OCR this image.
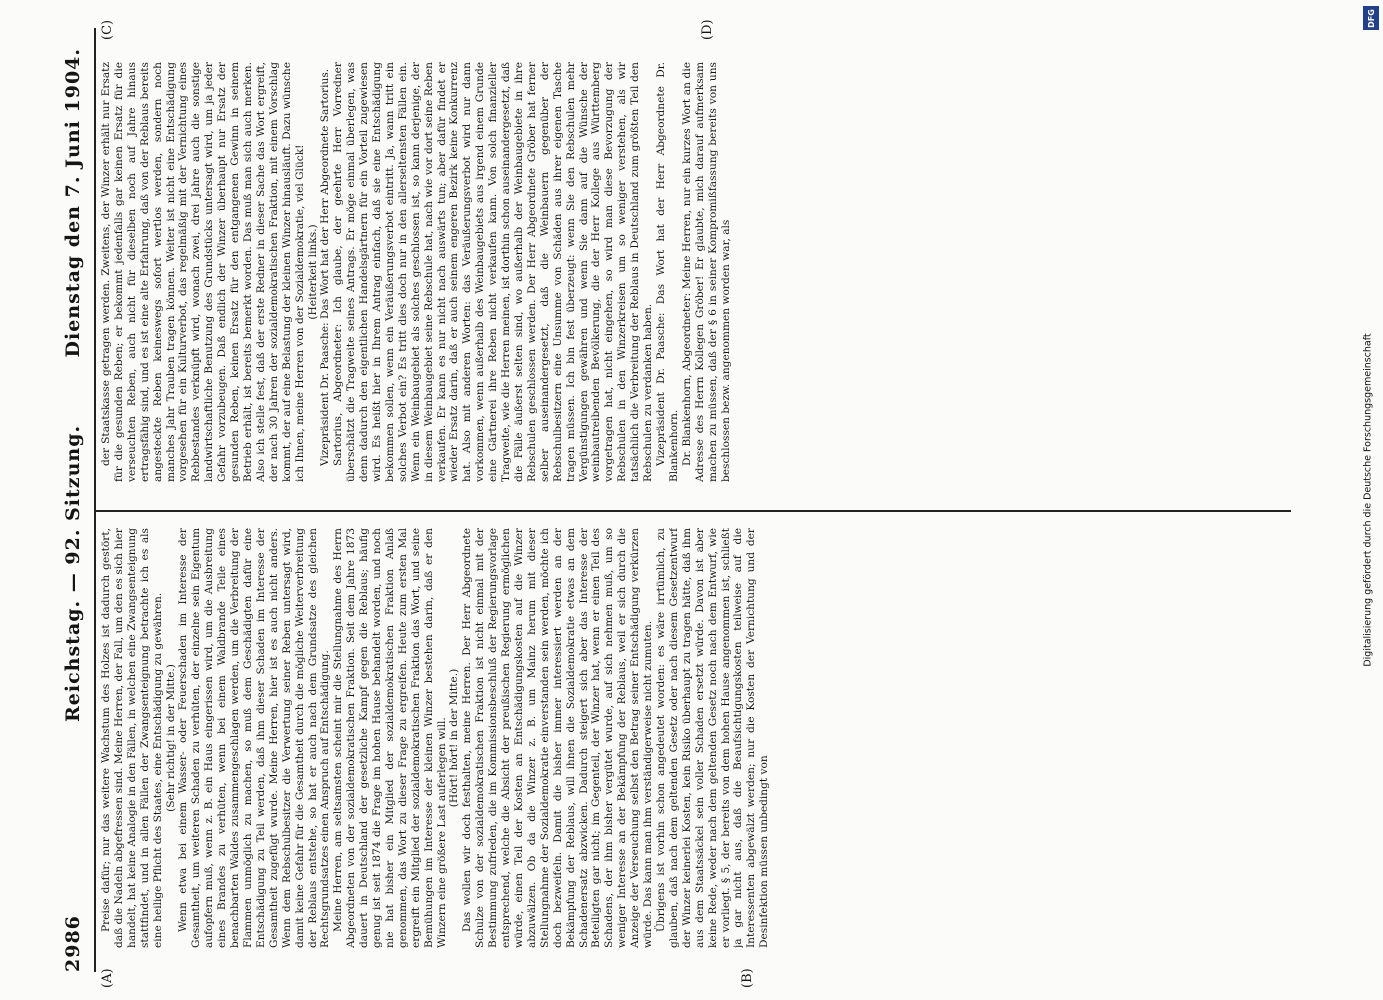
2986
Reichstag. — 92. Sitzung.
Dienstag den 7. Juni 1904.
(A)	(B)
(C)	(D)

Preise dafür; nur das weitere Wachstum des Holzes ist dadurch gestört, daß die Nadeln abgefressen sind. Meine Herren, der Fall, um den es sich hier handelt, hat keine Analogie in den Fällen, in welchen eine Zwangsenteignung stattfindet, und in allen Fällen der Zwangsenteignung betrachte ich es als eine heilige Pflicht des Staates, eine Entschädigung zu gewähren. (Sehr richtig! in der Mitte.) Wenn etwa bei einem Wasser- oder Feuerschaden im Interesse der Gesamtheit, um weiteren Schaden zu verhüten, der einzelne sein Eigentum aufopfern muß, wenn z. B. ein Haus eingerissen wird, um die Ausbreitung eines Brandes zu verhüten, wenn bei einem Waldbrande Teile eines benachbarten Waldes zusammengeschlagen werden, um die Verbreitung der Flammen unmöglich zu machen, so muß dem Geschädigten dafür eine Entschädigung zu Teil werden, daß ihm dieser Schaden im Interesse der Gesamtheit zugefügt wurde. Meine Herren, hier ist es auch nicht anders. Wenn dem Rebschulbesitzer die Verwertung seiner Reben untersagt wird, damit keine Gefahr für die Gesamtheit durch die mögliche Weiterverbreitung der Reblaus entstehe, so hat er auch nach dem Grundsatze des gleichen Rechtsgrundsatzes einen Anspruch auf Entschädigung. Meine Herren, am seltsamsten scheint mir die Stellungnahme des Herrn Abgeordneten von der sozialdemokratischen Fraktion. Seit dem Jahre 1873 dauert in Deutschland der gesetzliche Kampf gegen die Reblaus; häufig genug ist seit 1874 die Frage im hohen Hause behandelt worden, und noch nie hat bisher ein Mitglied der sozialdemokratischen Fraktion Anlaß genommen, das Wort zu dieser Frage zu ergreifen. Heute zum ersten Mal ergreift ein Mitglied der sozialdemokratischen Fraktion das Wort, und seine Bemühungen im Interesse der kleinen Winzer bestehen darin, daß er den Winzern eine größere Last auferlegen will. (Hört! hört! in der Mitte.) Das wollen wir doch festhalten, meine Herren. Der Herr Abgeordnete Schulze von der sozialdemokratischen Fraktion ist nicht einmal mit der Bestimmung zufrieden, die im Kommissionsbeschluß der Regierungsvorlage entsprechend, welche die Absicht der preußischen Regierung ermöglichen würde, einen Teil der Kosten an Entschädigungskosten auf die Winzer abzuwälzen. Ob da die Winzer z. B. um Mainz herum mit dieser Stellungnahme der Sozialdemokratie einverstanden sein werden, möchte ich doch bezweifeln. Damit die bisher immer interessiert werden an der Bekämpfung der Reblaus, will ihnen die Sozialdemokratie etwas an dem Schadenersatz abzwicken. Dadurch steigert sich aber das Interesse der Beteiligten gar nicht; im Gegenteil, der Winzer hat, wenn er einen Teil des Schadens, der ihm bisher vergütet wurde, auf sich nehmen muß, um so weniger Interesse an der Bekämpfung der Reblaus, weil er sich durch die Anzeige der Verseuchung selbst den Betrag seiner Entschädigung verkürzen würde. Das kann man ihm verständigerweise nicht zumuten. Übrigens ist vorhin schon angedeutet worden: es wäre irrtümlich, zu glauben, daß nach dem geltenden Gesetz oder nach diesem Gesetzentwurf der Winzer keinerlei Kosten, kein Risiko überhaupt zu tragen hätte, daß ihm aus dem Staatssäckel sein voller Schaden ersetzt würde. Davon ist aber keine Rede, weder nach dem geltenden Gesetz noch nach dem Entwurf, wie er vorliegt. § 5, der bereits von dem hohen Hause angenommen ist, schließt ja gar nicht aus, daß die Beaufsichtigungskosten teilweise auf die Interessenten abgewälzt werden; nur die Kosten der Vernichtung und der Desinfektion müssen unbedingt von

der Staatskasse getragen werden. Zweitens, der Winzer erhält nur Ersatz für die gesunden Reben; er bekommt jedenfalls gar keinen Ersatz für die verseuchten Reben, auch nicht für dieselben noch auf Jahre hinaus ertragsfähig sind, und es ist eine alte Erfahrung, daß von der Reblaus bereits angesteckte Reben keineswegs sofort wertlos werden, sondern noch manches Jahr Trauben tragen können. Weiter ist nicht eine Entschädigung vorgesehen für ein Kulturverbot, das regelmäßig mit der Vernichtung eines Rebbestandes verknüpft wird, wonach zwei, drei Jahre auch die sonstige landwirtschaftliche Benutzung des Grundstücks untersagt wird, um ja jeder Gefahr vorzubeugen. Daß endlich der Winzer überhaupt nur Ersatz der gesunden Reben, keinen Ersatz für den entgangenen Gewinn in seinem Betrieb erhält, ist bereits bemerkt worden. Das muß man sich auch merken. Also ich stelle fest, daß der erste Redner in dieser Sache das Wort ergreift, der nach 30 Jahren der sozialdemokratischen Fraktion, mit einem Vorschlag kommt, der auf eine Belastung der kleinen Winzer hinausläuft. Dazu wünsche ich Ihnen, meine Herren von der Sozialdemokratie, viel Glück! (Heiterkeit links.) Vizepräsident Dr. Paasche: Das Wort hat der Herr Abgeordnete Sartorius. Sartorius, Abgeordneter: Ich glaube, der geehrte Herr Vorredner überschätzt die Tragweite seines Antrags. Er möge einmal überlegen, was denn dadurch den eigentlichen Handelsgärtnern für ein Vorteil zugewiesen wird. Es heißt hier in Ihrem Antrag einfach, daß sie eine Entschädigung bekommen sollen, wenn ein Veräußerungsverbot eintritt. Ja, wann tritt ein solches Verbot ein? Es tritt dies doch nur in den allerseltensten Fällen ein. Wenn ein Weinbaugebiet als solches geschlossen ist, so kann derjenige, der in diesem Weinbaugebiet seine Rebschule hat, nach wie vor dort seine Reben verkaufen. Er kann es nur nicht nach auswärts tun; aber dafür findet er wieder Ersatz darin, daß er auch seinem engeren Bezirk keine Konkurrenz hat. Also mit anderen Worten: das Veräußerungsverbot wird nur dann vorkommen, wenn außerhalb des Weinbaugebiets aus irgend einem Grunde eine Gärtnerei ihre Reben nicht verkaufen kann. Von solch finanzieller Tragweite, wie die Herren meinen, ist dorthin schon auseinandergesetzt, daß die Fälle äußerst selten sind, wo außerhalb der Weinbaugebiete in ihre Rebschulen geschlossen werden. Der Herr Abgeordnete Gröber hat ferner selber auseinandergesetzt, daß die Weinbauern gegenüber der Rebschulbesitzern eine Unsumme von Schäden aus ihrer eigenen Tasche tragen müssen. Ich bin fest überzeugt: wenn Sie den Rebschulen mehr Vergünstigungen gewähren und wenn Sie dann auf die Wünsche der weinbautreibenden Bevölkerung, die der Herr Kollege aus Württemberg vorgetragen hat, nicht eingehen, so wird man diese Bevorzugung der Rebschulen in den Winzerkreisen um so weniger verstehen, als wir tatsächlich die Verbreitung der Reblaus in Deutschland zum größten Teil den Rebschulen zu verdanken haben. Vizepräsident Dr. Paasche: Das Wort hat der Herr Abgeordnete Dr. Blankenhorn. Dr. Blankenhorn, Abgeordneter: Meine Herren, nur ein kurzes Wort an die Adresse des Herrn Kollegen Gröber! Er glaubte, mich darauf aufmerksam machen zu müssen, daß der § 6 in seiner Kompromißfassung bereits von uns beschlossen bezw. angenommen worden war, als

DFG
Digitalisierung gefördert durch die Deutsche Forschungsgemeinschaft
